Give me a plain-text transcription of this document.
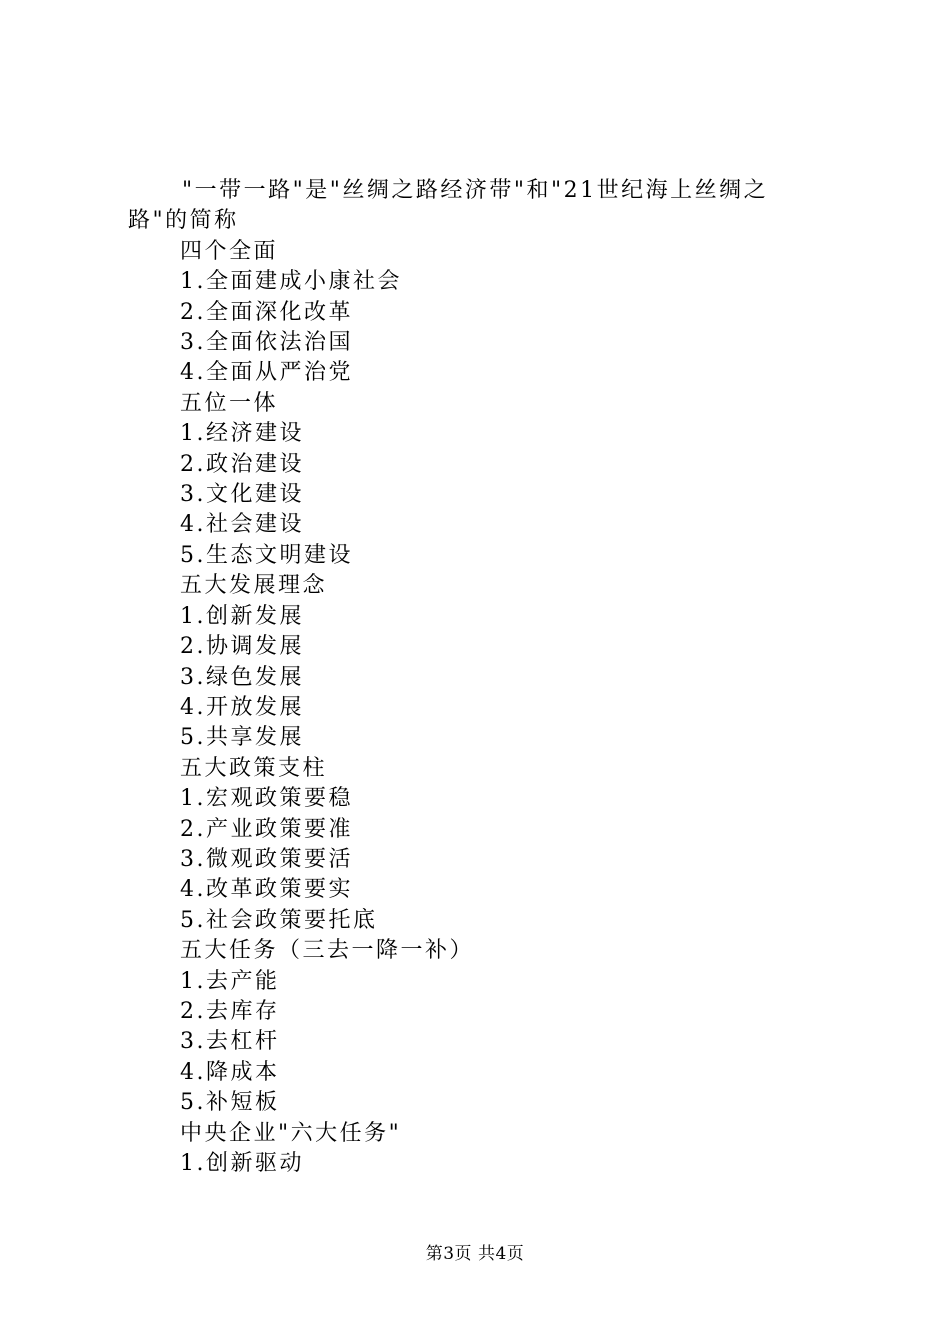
"一带一路"是"丝绸之路经济带"和"21世纪海上丝绸之路"的简称

四个全面

1.全面建成小康社会

2.全面深化改革

3.全面依法治国

4.全面从严治党

五位一体

1.经济建设

2.政治建设

3.文化建设

4.社会建设

5.生态文明建设

五大发展理念

1.创新发展

2.协调发展

3.绿色发展

4.开放发展

5.共享发展

五大政策支柱

1.宏观政策要稳

2.产业政策要准

3.微观政策要活

4.改革政策要实

5.社会政策要托底

五大任务（三去一降一补）

1.去产能

2.去库存

3.去杠杆

4.降成本

5.补短板

中央企业"六大任务"

1.创新驱动

第3页 共4页
